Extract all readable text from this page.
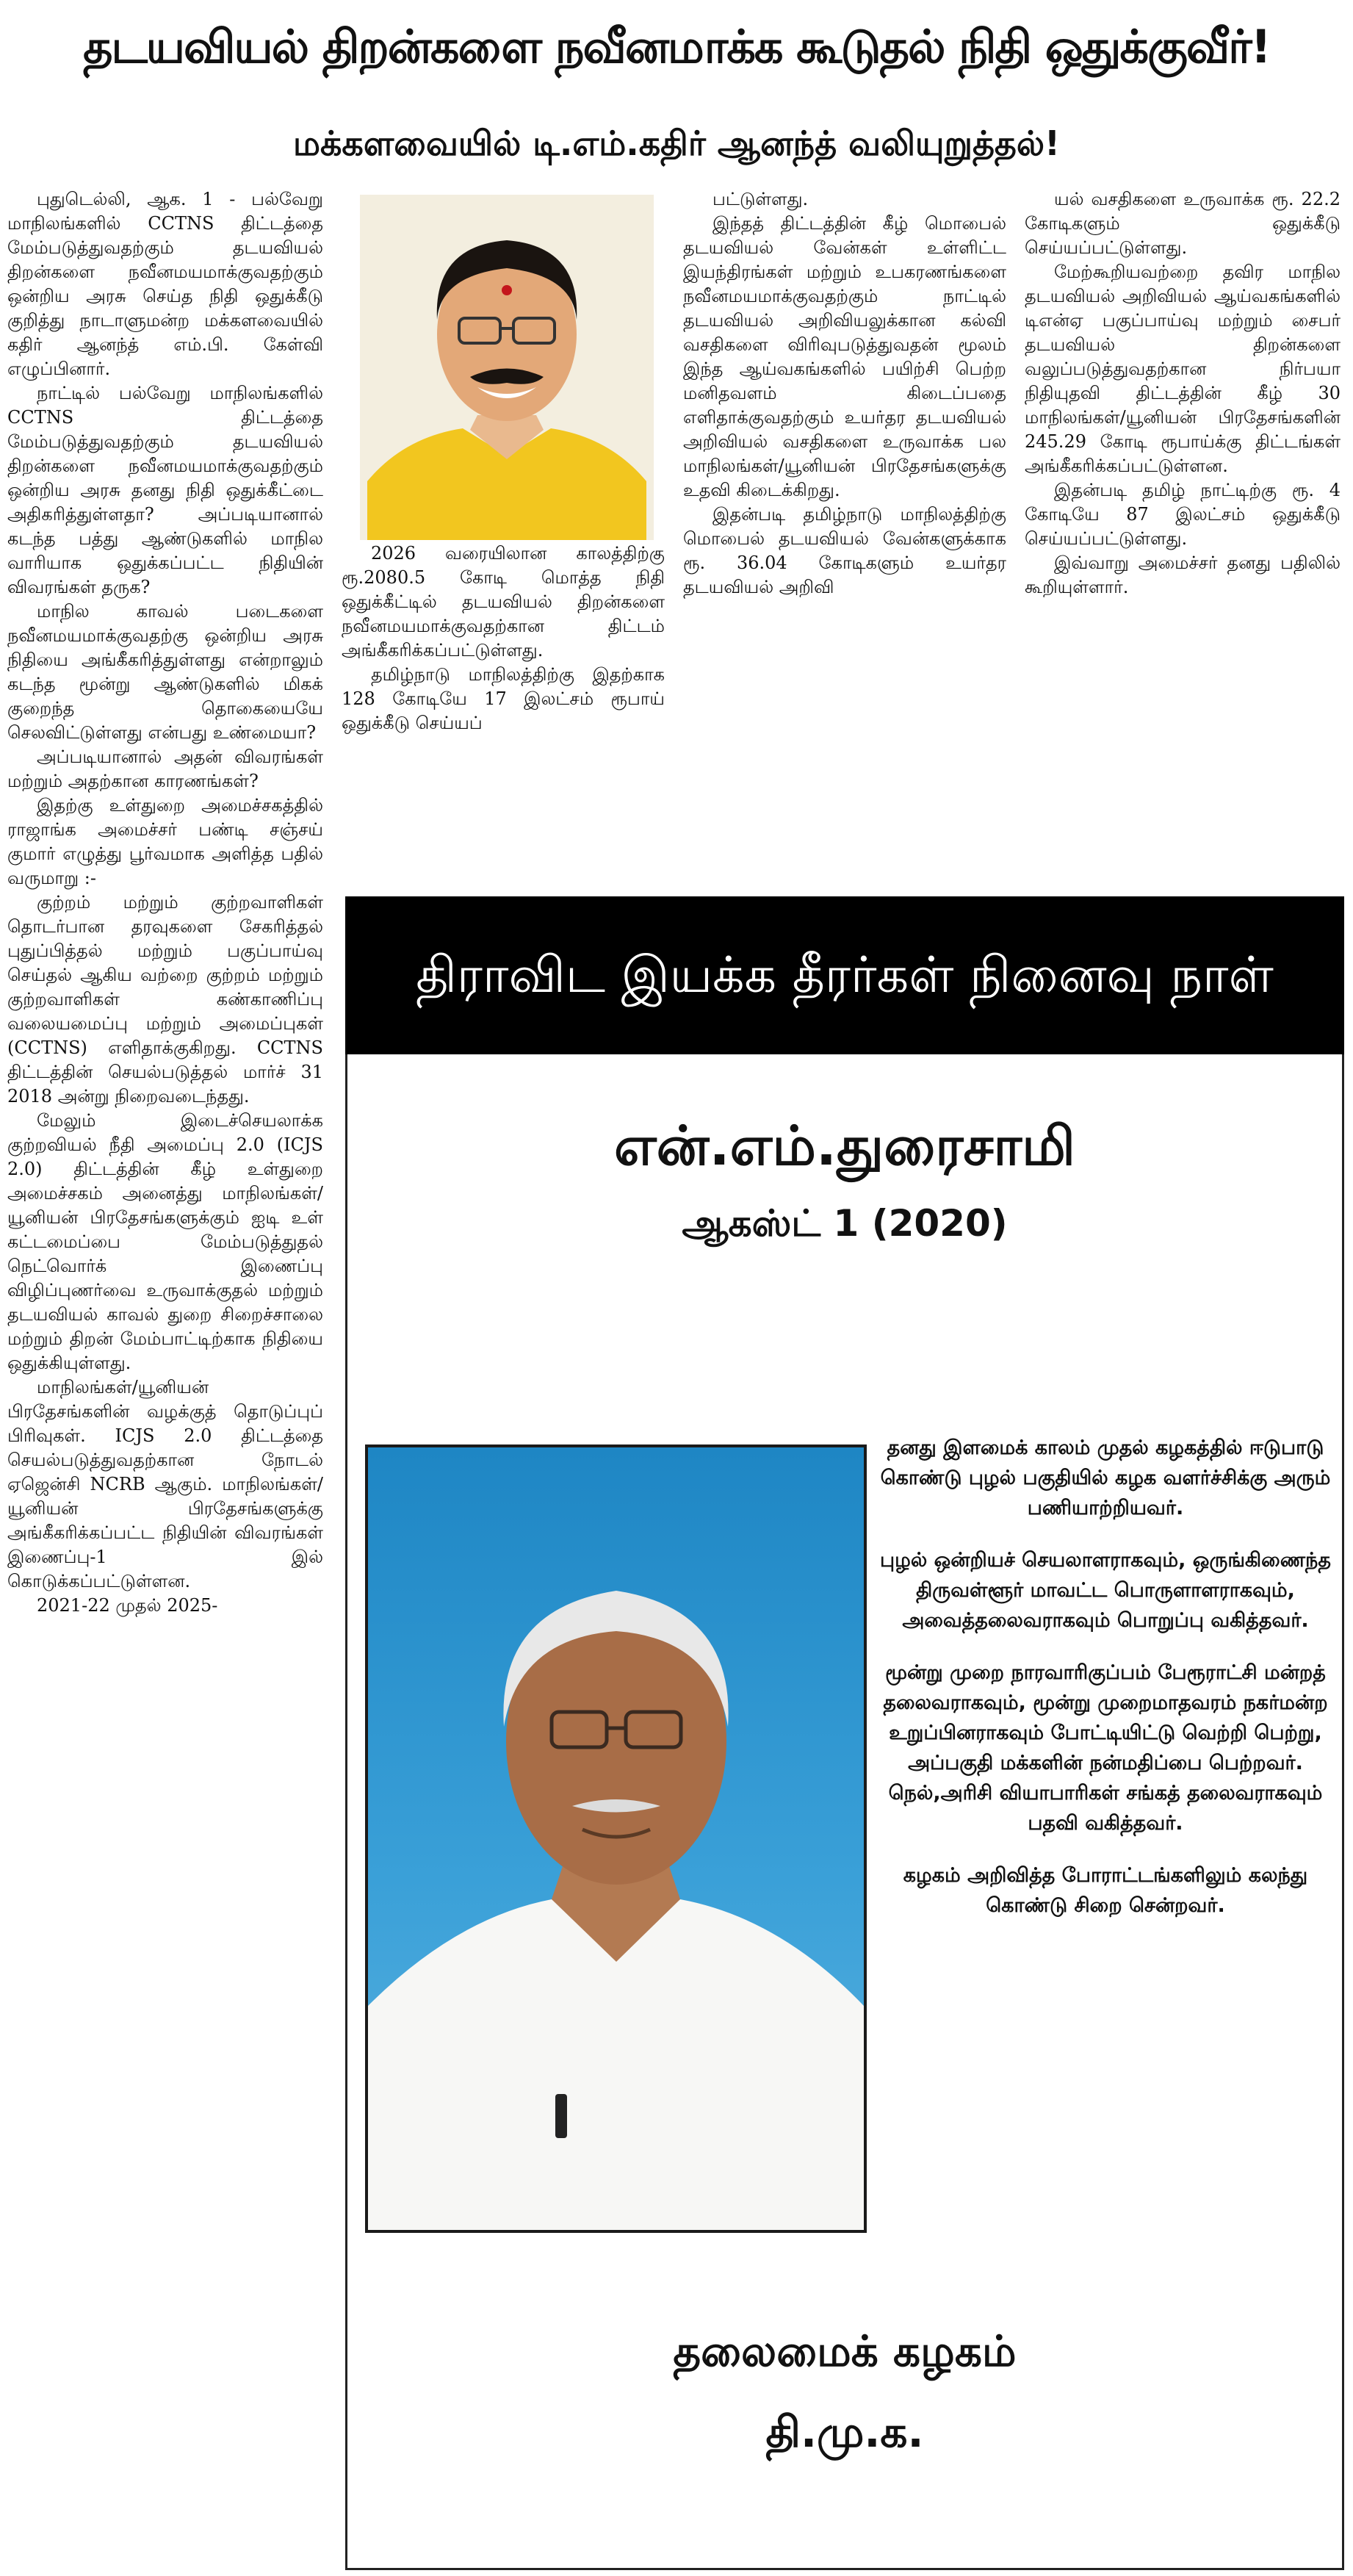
தடயவியல் திறன்களை நவீனமாக்க கூடுதல் நிதி ஒதுக்குவீர்!
மக்களவையில் டி.எம்.கதிர் ஆனந்த் வலியுறுத்தல்!

புதுடெல்லி, ஆக. 1 - பல்வேறு மாநிலங்களில் CCTNS திட்டத்தை மேம்படுத்துவதற்கும் தடயவியல் திறன்களை நவீனமயமாக்குவதற்கும் ஒன்றிய அரசு செய்த நிதி ஒதுக்கீடு குறித்து நாடாளுமன்ற மக்களவையில் கதிர் ஆனந்த் எம்.பி. கேள்வி எழுப்பினார்.

நாட்டில் பல்வேறு மாநிலங்களில் CCTNS திட்டத்தை மேம்படுத்துவதற்கும் தடயவியல் திறன்களை நவீனமயமாக்குவதற்கும் ஒன்றிய அரசு தனது நிதி ஒதுக்கீட்டை அதிகரித்துள்ளதா? அப்படியானால் கடந்த பத்து ஆண்டுகளில் மாநில வாரியாக ஒதுக்கப்பட்ட நிதியின் விவரங்கள் தருக?

மாநில காவல் படைகளை நவீனமயமாக்குவதற்கு ஒன்றிய அரசு நிதியை அங்கீகரித்துள்ளது என்றாலும் கடந்த மூன்று ஆண்டுகளில் மிகக் குறைந்த தொகையையே செலவிட்டுள்ளது என்பது உண்மையா?

அப்படியானால் அதன் விவரங்கள் மற்றும் அதற்கான காரணங்கள்?

இதற்கு உள்துறை அமைச்சகத்தில் ராஜாங்க அமைச்சர் பண்டி சஞ்சய் குமார் எழுத்து பூர்வமாக அளித்த பதில் வருமாறு :-

குற்றம் மற்றும் குற்றவாளிகள் தொடர்பான தரவுகளை சேகரித்தல் புதுப்பித்தல் மற்றும் பகுப்பாய்வு செய்தல் ஆகிய வற்றை குற்றம் மற்றும் குற்றவாளிகள் கண்காணிப்பு வலையமைப்பு மற்றும் அமைப்புகள் (CCTNS) எளிதாக்குகிறது. CCTNS திட்டத்தின் செயல்படுத்தல் மார்ச் 31 2018 அன்று நிறைவடைந்தது.

மேலும் இடைச்செயலாக்க குற்றவியல் நீதி அமைப்பு 2.0 (ICJS 2.0) திட்டத்தின் கீழ் உள்துறை அமைச்சகம் அனைத்து மாநிலங்கள்/யூனியன் பிரதேசங்களுக்கும் ஐடி உள் கட்டமைப்பை மேம்படுத்துதல் நெட்வொர்க் இணைப்பு விழிப்புணர்வை உருவாக்குதல் மற்றும் தடயவியல் காவல் துறை சிறைச்சாலை மற்றும் திறன் மேம்பாட்டிற்காக நிதியை ஒதுக்கியுள்ளது.

மாநிலங்கள்/யூனியன் பிரதேசங்களின் வழக்குத் தொடுப்புப் பிரிவுகள். ICJS 2.0 திட்டத்தை செயல்படுத்துவதற்கான நோடல் ஏஜென்சி NCRB ஆகும். மாநிலங்கள்/யூனியன் பிரதேசங்களுக்கு அங்கீகரிக்கப்பட்ட நிதியின் விவரங்கள் இணைப்பு-1 இல் கொடுக்கப்பட்டுள்ளன.

2021-22 முதல் 2025-

2026 வரையிலான காலத்திற்கு ரூ.2080.5 கோடி மொத்த நிதி ஒதுக்கீட்டில் தடயவியல் திறன்களை நவீனமயமாக்குவதற்கான திட்டம் அங்கீகரிக்கப்பட்டுள்ளது.

தமிழ்நாடு மாநிலத்திற்கு இதற்காக 128 கோடியே 17 இலட்சம் ரூபாய் ஒதுக்கீடு செய்யப்

பட்டுள்ளது.

இந்தத் திட்டத்தின் கீழ் மொபைல் தடயவியல் வேன்கள் உள்ளிட்ட இயந்திரங்கள் மற்றும் உபகரணங்களை நவீனமயமாக்குவதற்கும் நாட்டில் தடயவியல் அறிவியலுக்கான கல்வி வசதிகளை விரிவுபடுத்துவதன் மூலம் இந்த ஆய்வகங்களில் பயிற்சி பெற்ற மனிதவளம் கிடைப்பதை எளிதாக்குவதற்கும் உயர்தர தடயவியல் அறிவியல் வசதிகளை உருவாக்க பல மாநிலங்கள்/யூனியன் பிரதேசங்களுக்கு உதவி கிடைக்கிறது.

இதன்படி தமிழ்நாடு மாநிலத்திற்கு மொபைல் தடயவியல் வேன்களுக்காக ரூ. 36.04 கோடிகளும் உயர்தர தடயவியல் அறிவி

யல் வசதிகளை உருவாக்க ரூ. 22.2 கோடிகளும் ஒதுக்கீடு செய்யப்பட்டுள்ளது.

மேற்கூறியவற்றை தவிர மாநில தடயவியல் அறிவியல் ஆய்வகங்களில் டிஎன்ஏ பகுப்பாய்வு மற்றும் சைபர் தடயவியல் திறன்களை வலுப்படுத்துவதற்கான நிர்பயா நிதியுதவி திட்டத்தின் கீழ் 30 மாநிலங்கள்/யூனியன் பிரதேசங்களின் 245.29 கோடி ரூபாய்க்கு திட்டங்கள் அங்கீகரிக்கப்பட்டுள்ளன.

இதன்படி தமிழ் நாட்டிற்கு ரூ. 4 கோடியே 87 இலட்சம் ஒதுக்கீடு செய்யப்பட்டுள்ளது.

இவ்வாறு அமைச்சர் தனது பதிலில் கூறியுள்ளார்.

திராவிட இயக்க தீரர்கள் நினைவு நாள்
என்.எம்.துரைசாமி
ஆகஸ்ட் 1 (2020)

தனது இளமைக் காலம் முதல் கழகத்தில் ஈடுபாடு கொண்டு புழல் பகுதியில் கழக வளர்ச்சிக்கு அரும் பணியாற்றியவர்.

புழல் ஒன்றியச் செயலாளராகவும், ஒருங்கிணைந்த திருவள்ளூர் மாவட்ட பொருளாளராகவும், அவைத்தலைவராகவும் பொறுப்பு வகித்தவர்.

மூன்று முறை நாரவாரிகுப்பம் பேரூராட்சி மன்றத் தலைவராகவும், மூன்று முறைமாதவரம் நகர்மன்ற உறுப்பினராகவும் போட்டியிட்டு வெற்றி பெற்று, அப்பகுதி மக்களின் நன்மதிப்பை பெற்றவர். நெல்,அரிசி வியாபாரிகள் சங்கத் தலைவராகவும் பதவி வகித்தவர்.

கழகம் அறிவித்த போராட்டங்களிலும் கலந்து கொண்டு சிறை சென்றவர்.

தலைமைக் கழகம்
தி.மு.க.
